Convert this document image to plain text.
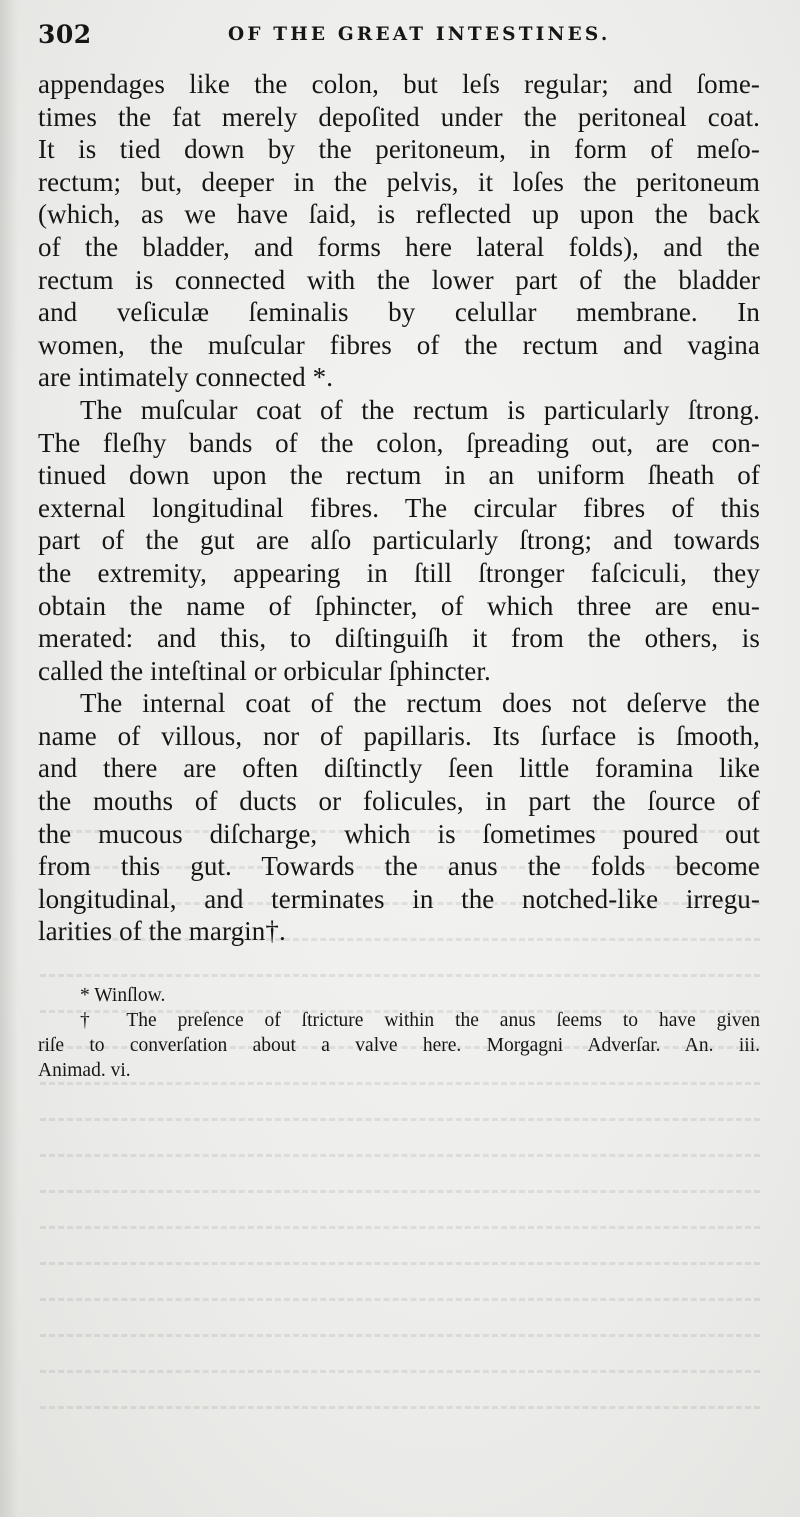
302	OF THE GREAT INTESTINES.
appendages like the colon, but leſs regular; and ſome-
times the fat merely depoſited under the peritoneal coat.
It is tied down by the peritoneum, in form of meſo-
rectum; but, deeper in the pelvis, it loſes the peritoneum
(which, as we have ſaid, is reflected up upon the back
of the bladder, and forms here lateral folds), and the
rectum is connected with the lower part of the bladder
and veſiculæ ſeminalis by celullar membrane. In
women, the muſcular fibres of the rectum and vagina
are intimately connected *.
The muſcular coat of the rectum is particularly ſtrong.
The fleſhy bands of the colon, ſpreading out, are con-
tinued down upon the rectum in an uniform ſheath of
external longitudinal fibres. The circular fibres of this
part of the gut are alſo particularly ſtrong; and towards
the extremity, appearing in ſtill ſtronger faſciculi, they
obtain the name of ſphincter, of which three are enu-
merated: and this, to diſtinguiſh it from the others, is
called the inteſtinal or orbicular ſphincter.
The internal coat of the rectum does not deſerve the
name of villous, nor of papillaris. Its ſurface is ſmooth,
and there are often diſtinctly ſeen little foramina like
the mouths of ducts or folicules, in part the ſource of
the mucous diſcharge, which is ſometimes poured out
from this gut. Towards the anus the folds become
longitudinal, and terminates in the notched-like irregu-
larities of the margin†.
* Winſlow.
† The preſence of ſtricture within the anus ſeems to have given
riſe to converſation about a valve here. Morgagni Adverſar. An. iii.
Animad. vi.
